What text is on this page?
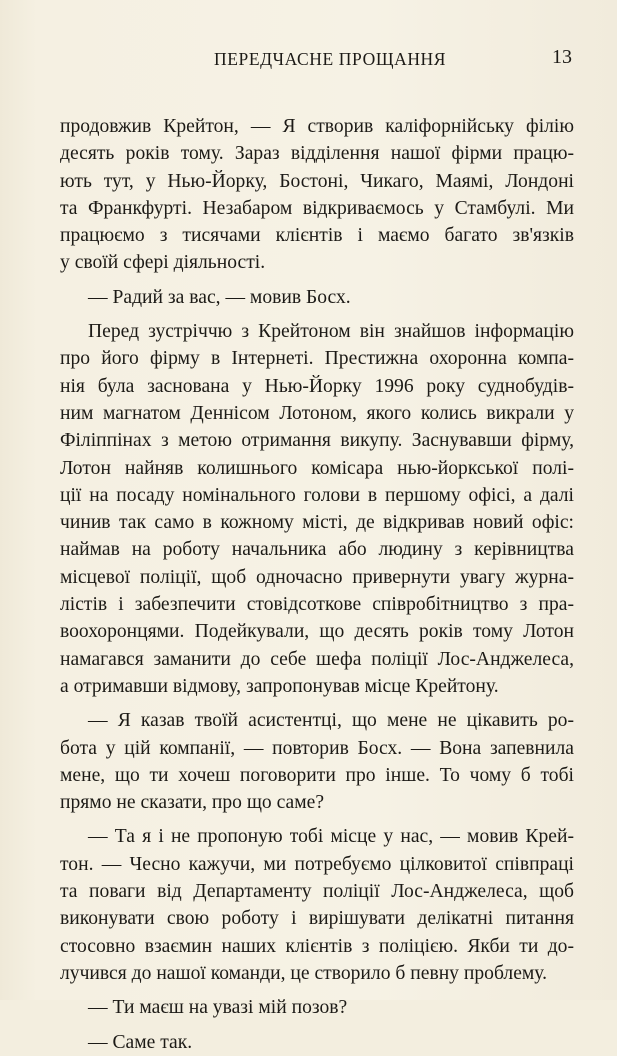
ПЕРЕДЧАСНЕ ПРОЩАННЯ	13
продовжив Крейтон, — Я створив каліфорнійську філію
десять років тому. Зараз відділення нашої фірми працю-
ють тут, у Нью-Йорку, Бостоні, Чикаго, Маямі, Лондоні
та Франкфурті. Незабаром відкриваємось у Стамбулі. Ми
працюємо з тисячами клієнтів і маємо багато зв'язків
у своїй сфері діяльності.
— Радий за вас, — мовив Босх.
Перед зустріччю з Крейтоном він знайшов інформацію
про його фірму в Інтернеті. Престижна охоронна компа-
нія була заснована у Нью-Йорку 1996 року суднобудів-
ним магнатом Деннісом Лотоном, якого колись викрали у
Філіппінах з метою отримання викупу. Заснувавши фірму,
Лотон найняв колишнього комісара нью-йоркської полі-
ції на посаду номінального голови в першому офісі, а далі
чинив так само в кожному місті, де відкривав новий офіс:
наймав на роботу начальника або людину з керівництва
місцевої поліції, щоб одночасно привернути увагу журна-
лістів і забезпечити стовідсоткове співробітництво з пра-
воохоронцями. Подейкували, що десять років тому Лотон
намагався заманити до себе шефа поліції Лос-Анджелеса,
а отримавши відмову, запропонував місце Крейтону.
— Я казав твоїй асистентці, що мене не цікавить ро-
бота у цій компанії, — повторив Босх. — Вона запевнила
мене, що ти хочеш поговорити про інше. То чому б тобі
прямо не сказати, про що саме?
— Та я і не пропоную тобі місце у нас, — мовив Крей-
тон. — Чесно кажучи, ми потребуємо цілковитої співпраці
та поваги від Департаменту поліції Лос-Анджелеса, щоб
виконувати свою роботу і вирішувати делікатні питання
стосовно взаємин наших клієнтів з поліцією. Якби ти до-
лучився до нашої команди, це створило б певну проблему.
— Ти маєш на увазі мій позов?
— Саме так.
